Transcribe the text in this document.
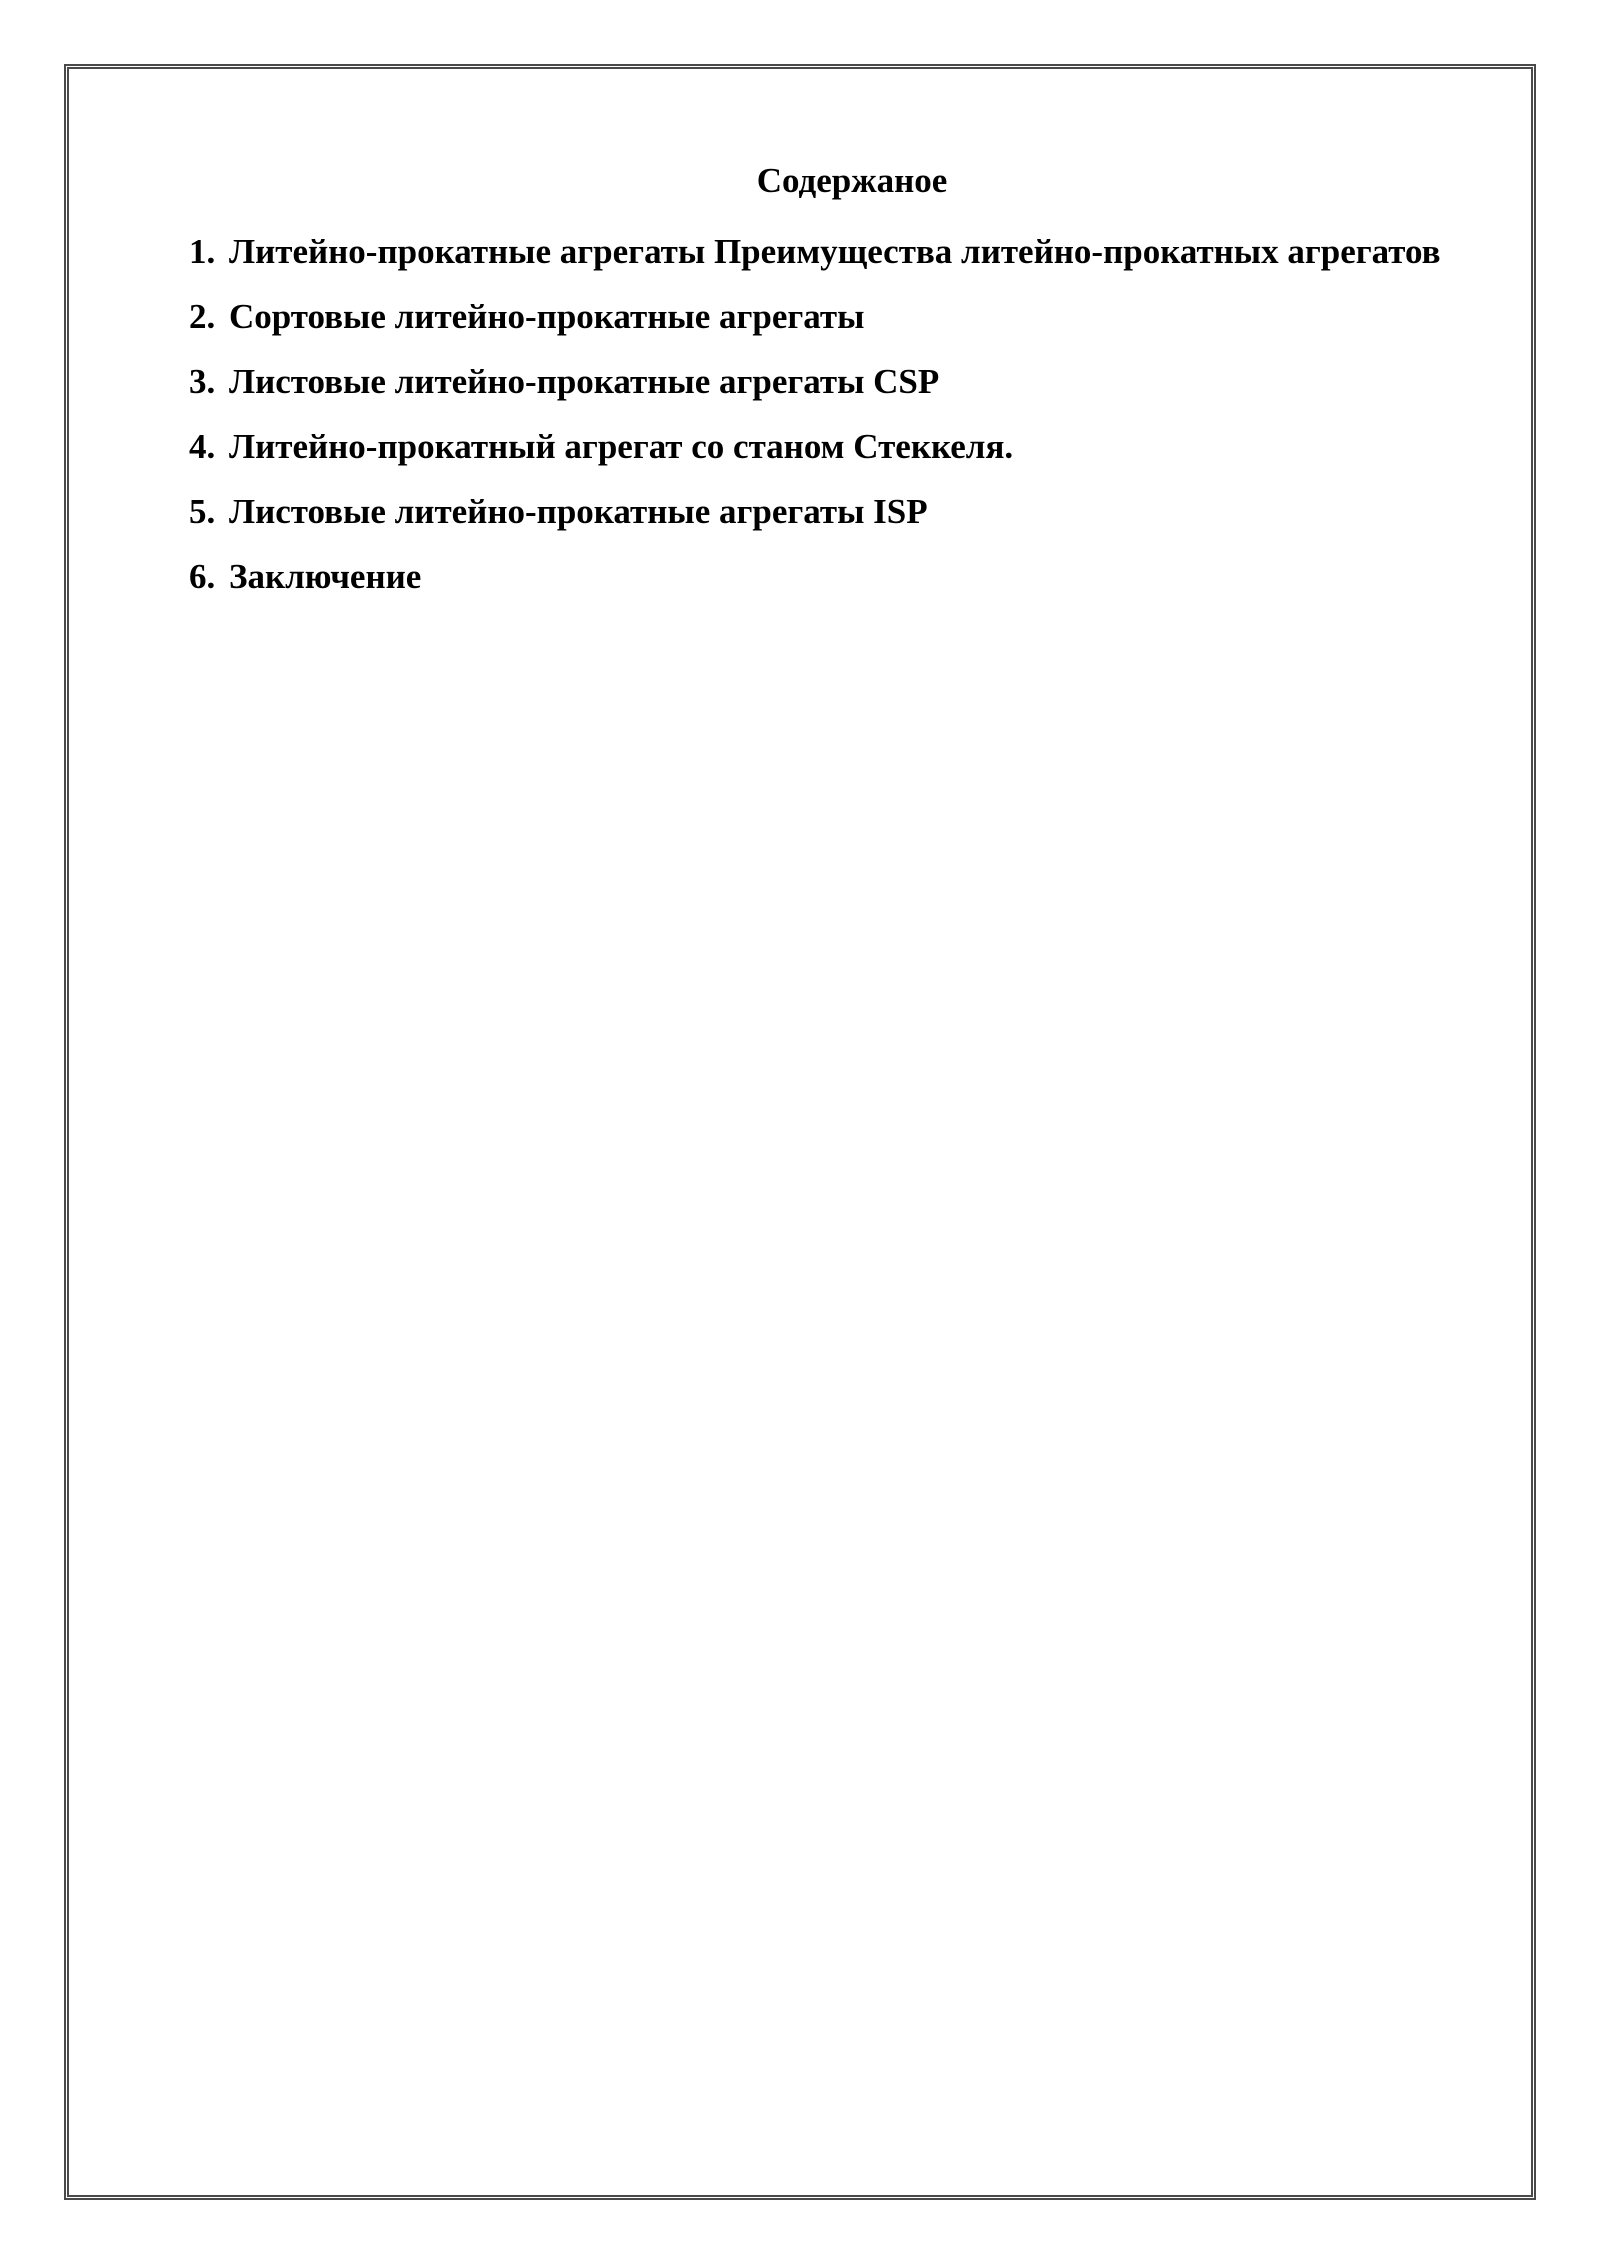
Содержаное
1. Литейно-прокатные агрегаты Преимущества литейно-прокатных агрегатов
2. Сортовые литейно-прокатные агрегаты
3. Листовые литейно-прокатные агрегаты CSP
4. Литейно-прокатный агрегат со станом Стеккеля.
5. Листовые литейно-прокатные агрегаты ISP
6. Заключение
